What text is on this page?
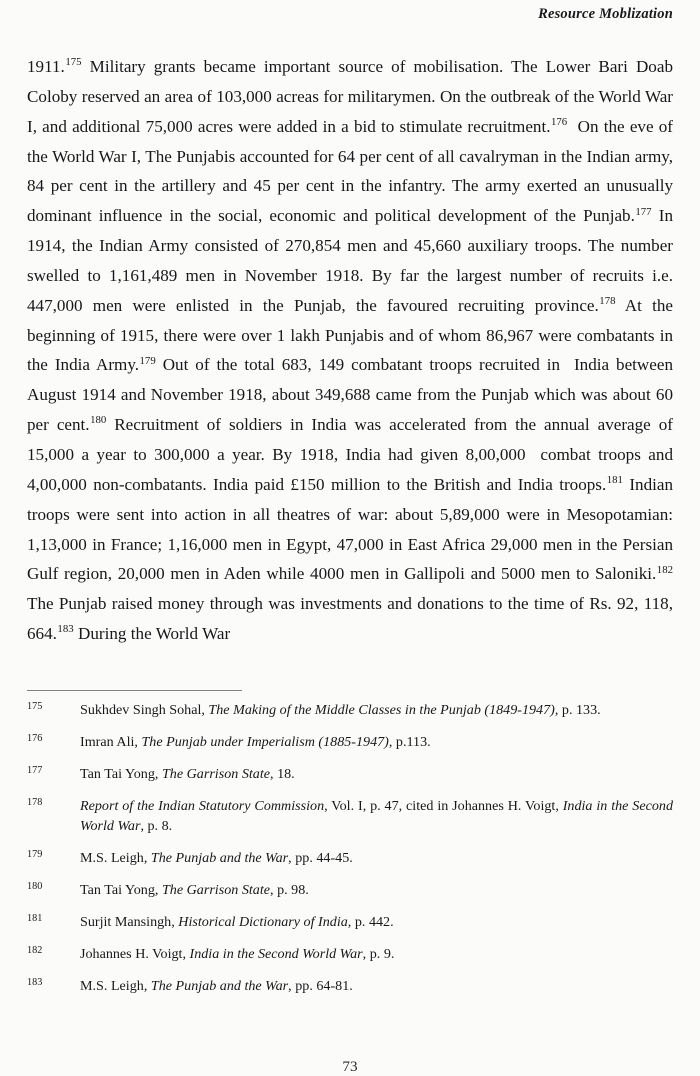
Resource Moblization

1911.$^{175}$ Military grants became important source of mobilisation. The Lower Bari Doab Coloby reserved an area of 103,000 acreas for militarymen. On the outbreak of the World War I, and additional 75,000 acres were added in a bid to stimulate recruitment.$^{176}$  On the eve of the World War I, The Punjabis accounted for 64 per cent of all cavalryman in the Indian army, 84 per cent in the artillery and 45 per cent in the infantry. The army exerted an unusually dominant influence in the social, economic and political development of the Punjab.$^{177}$ In 1914, the Indian Army consisted of 270,854 men and 45,660 auxiliary troops. The number swelled to 1,161,489 men in November 1918. By far the largest number of recruits i.e. 447,000 men were enlisted in the Punjab, the favoured recruiting province.$^{178}$ At the beginning of 1915, there were over 1 lakh Punjabis and of whom 86,967 were combatants in the India Army.$^{179}$ Out of the total 683, 149 combatant troops recruited in  India between August 1914 and November 1918, about 349,688 came from the Punjab which was about 60 per cent.$^{180}$ Recruitment of soldiers in India was accelerated from the annual average of 15,000 a year to 300,000 a year. By 1918, India had given 8,00,000  combat troops and 4,00,000 non-combatants. India paid £150 million to the British and India troops.$^{181}$ Indian troops were sent into action in all theatres of war: about 5,89,000 were in Mesopotamian: 1,13,000 in France; 1,16,000 men in Egypt, 47,000 in East Africa 29,000 men in the Persian Gulf region, 20,000 men in Aden while 4000 men in Gallipoli and 5000 men to Saloniki.$^{182}$ The Punjab raised money through was investments and donations to the time of Rs. 92, 118, 664.$^{183}$ During the World War

175	Sukhdev Singh Sohal, The Making of the Middle Classes in the Punjab (1849-1947), p. 133.
176	Imran Ali, The Punjab under Imperialism (1885-1947), p.113.
177	Tan Tai Yong, The Garrison State, 18.
178	Report of the Indian Statutory Commission, Vol. I, p. 47, cited in Johannes H. Voigt, India in the Second World War, p. 8.
179	M.S. Leigh, The Punjab and the War, pp. 44-45.
180	Tan Tai Yong, The Garrison State, p. 98.
181	Surjit Mansingh, Historical Dictionary of India, p. 442.
182	Johannes H. Voigt, India in the Second World War, p. 9.
183	M.S. Leigh, The Punjab and the War, pp. 64-81.
73
